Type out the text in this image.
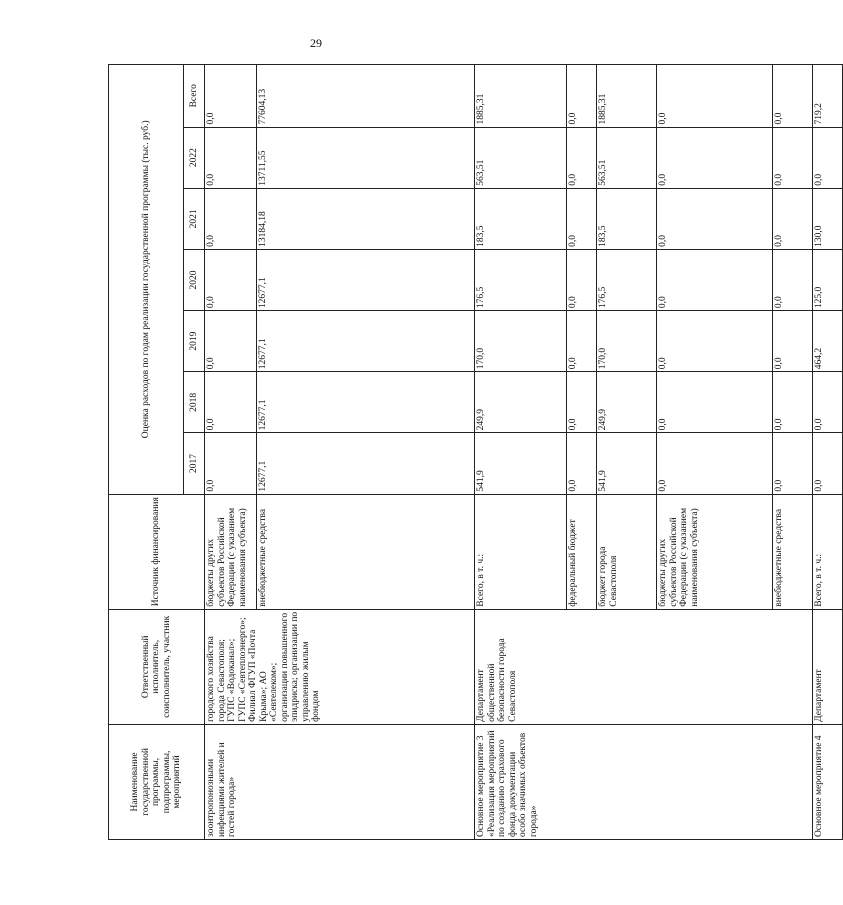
29
Наименование государственной программы, подпрограммы, мероприятий	Ответственный исполнитель, соисполнитель, участник	Источник финансирования	Оценка расходов по годам реализации государственной программы (тыс. руб.)						
			2017	2018	2019	2020	2021	2022	Всего
зоонтропонозными инфекциями жителей и гостей города»	городского хозяйства города Севастополя; ГУПС «Водоканал»; ГУПС «Севтеплоэнерго»; Филиал ФГУП «Почта Крыма»; АО «Севтелеком»; организации повышенного эпидриска; организации по управлению жилым фондом	бюджеты других субъектов Российской Федерации (с указанием наименования субъекта)	0,0	0,0	0,0	0,0	0,0	0,0	0,0
		внебюджетные средства	12677,1	12677,1	12677,1	12677,1	13184,18	13711,55	77604,13
Основное мероприятие 3 «Реализация мероприятий по созданию страхового фонда документации особо значимых объектов города»	Департамент общественной безопасности города Севастополя	Всего, в т. ч.:	541,9	249,9	170,0	176,5	183,5	563,51	1885,31
		федеральный бюджет	0,0	0,0	0,0	0,0	0,0	0,0	0,0
		бюджет города Севастополя	541,9	249,9	170,0	176,5	183,5	563,51	1885,31
		бюджеты других субъектов Российской Федерации (с указанием наименования субъекта)	0,0	0,0	0,0	0,0	0,0	0,0	0,0
		внебюджетные средства	0,0	0,0	0,0	0,0	0,0	0,0	0,0
Основное мероприятие 4	Департамент	Всего, в т. ч.:	0,0	0,0	464,2	125,0	130,0	0,0	719,2
